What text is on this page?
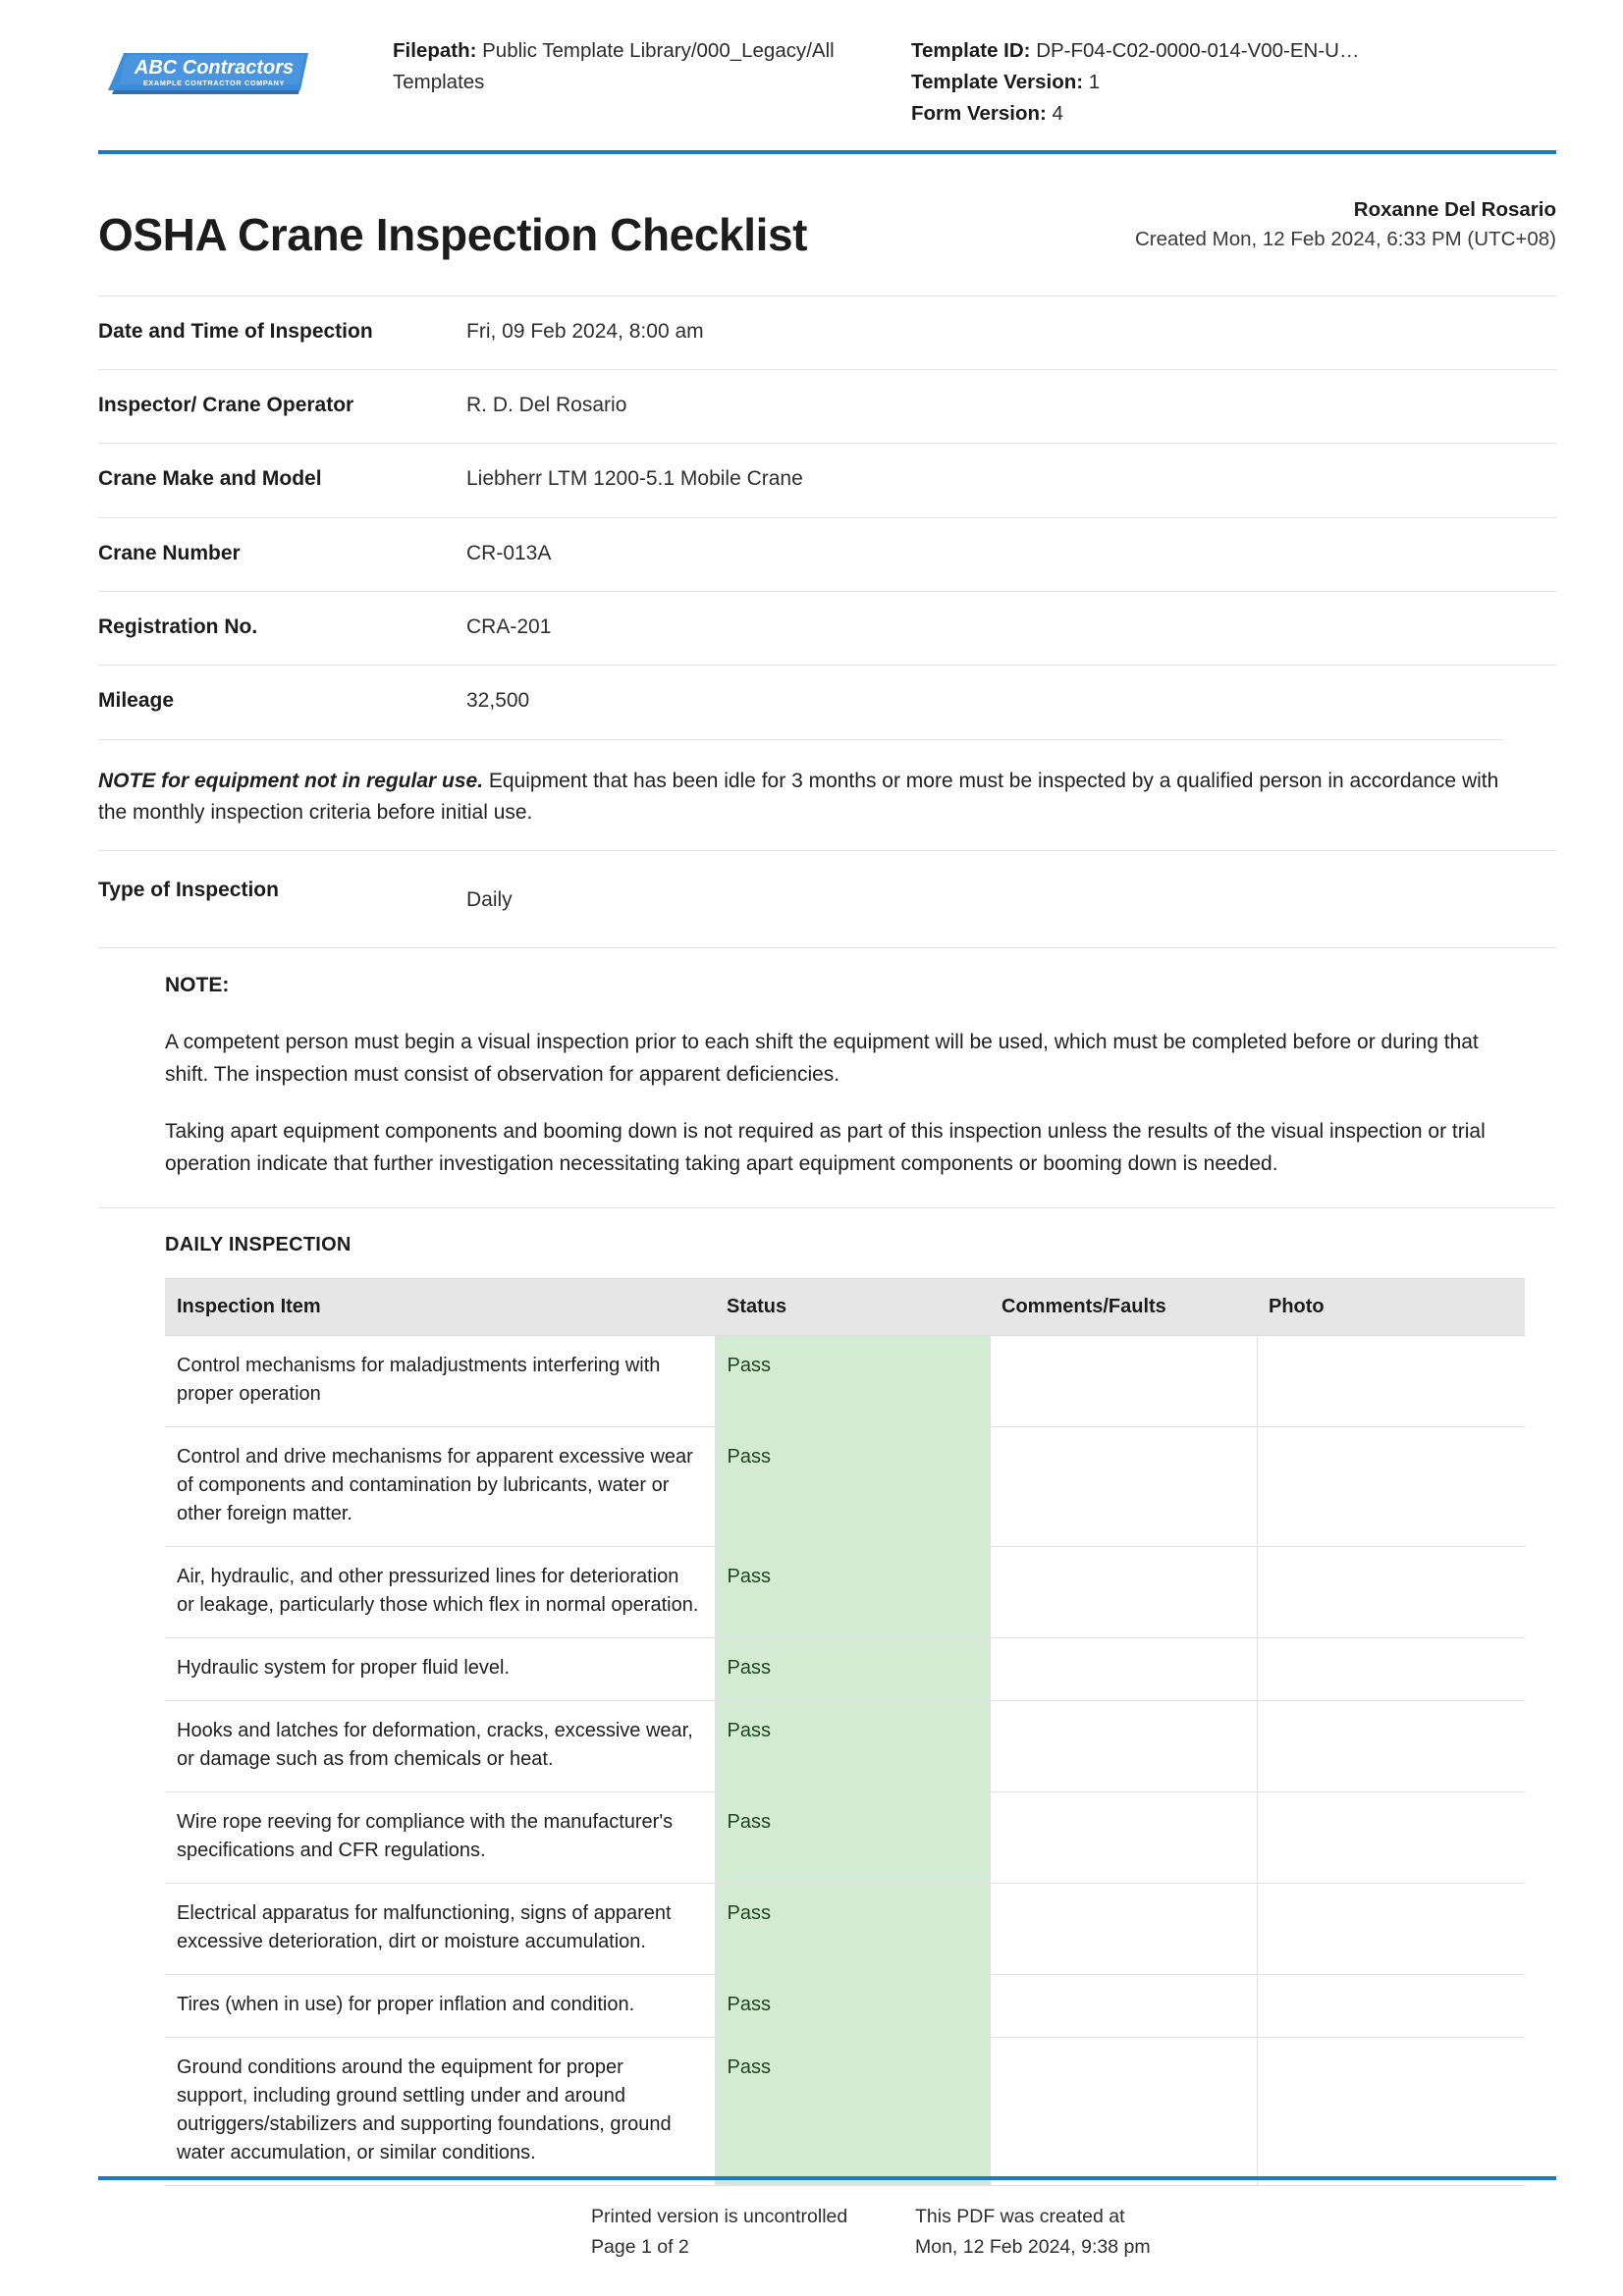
ABC Contractors
EXAMPLE CONTRACTOR COMPANY
Filepath: Public Template Library/000_Legacy/All Templates
Template ID: DP-F04-C02-0000-014-V00-EN-U…
Template Version: 1
Form Version: 4
OSHA Crane Inspection Checklist	Roxanne Del Rosario
Created Mon, 12 Feb 2024, 6:33 PM (UTC+08)
Date and Time of Inspection	Fri, 09 Feb 2024, 8:00 am
Inspector/ Crane Operator	R. D. Del Rosario
Crane Make and Model	Liebherr LTM 1200-5.1 Mobile Crane
Crane Number	CR-013A
Registration No.	CRA-201
Mileage	32,500
NOTE for equipment not in regular use. Equipment that has been idle for 3 months or more must be inspected by a qualified person in accordance with the monthly inspection criteria before initial use.
Type of Inspection	Daily
NOTE:

A competent person must begin a visual inspection prior to each shift the equipment will be used, which must be completed before or during that shift. The inspection must consist of observation for apparent deficiencies.

Taking apart equipment components and booming down is not required as part of this inspection unless the results of the visual inspection or trial operation indicate that further investigation necessitating taking apart equipment components or booming down is needed.

DAILY INSPECTION
Inspection Item	Status	Comments/Faults	Photo
Control mechanisms for maladjustments interfering with proper operation	Pass		
Control and drive mechanisms for apparent excessive wear of components and contamination by lubricants, water or other foreign matter.	Pass		
Air, hydraulic, and other pressurized lines for deterioration or leakage, particularly those which flex in normal operation.	Pass		
Hydraulic system for proper fluid level.	Pass		
Hooks and latches for deformation, cracks, excessive wear, or damage such as from chemicals or heat.	Pass		
Wire rope reeving for compliance with the manufacturer's specifications and CFR regulations.	Pass		
Electrical apparatus for malfunctioning, signs of apparent excessive deterioration, dirt or moisture accumulation.	Pass		
Tires (when in use) for proper inflation and condition.	Pass		
Ground conditions around the equipment for proper support, including ground settling under and around outriggers/stabilizers and supporting foundations, ground water accumulation, or similar conditions.	Pass		
Printed version is uncontrolled
Page 1 of 2
This PDF was created at
Mon, 12 Feb 2024, 9:38 pm
